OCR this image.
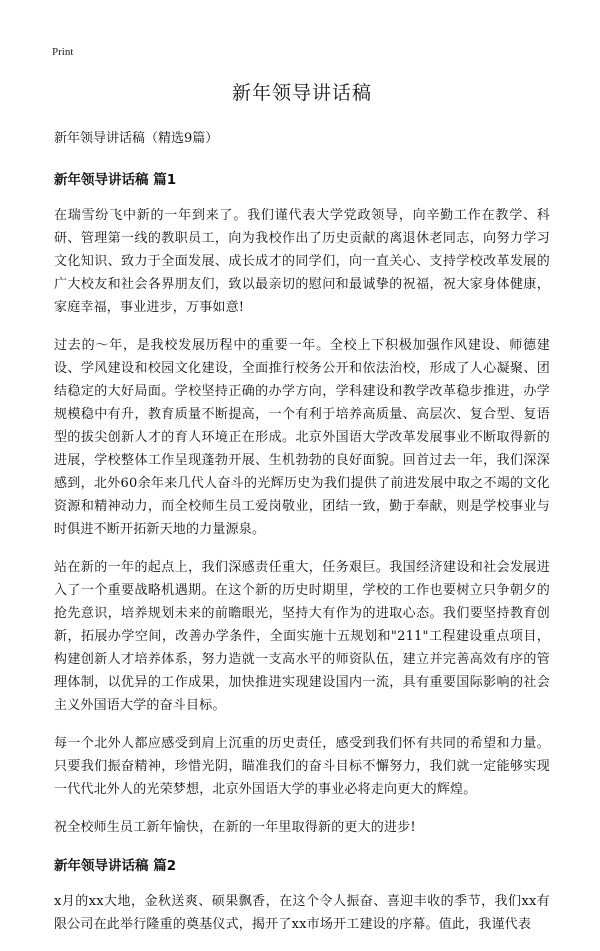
Print
新年领导讲话稿
新年领导讲话稿（精选9篇）
新年领导讲话稿 篇1

在瑞雪纷飞中新的一年到来了。我们谨代表大学党政领导，向辛勤工作在教学、科研、管理第一线的教职员工，向为我校作出了历史贡献的离退休老同志，向努力学习文化知识、致力于全面发展、成长成才的同学们，向一直关心、支持学校改革发展的广大校友和社会各界朋友们，致以最亲切的慰问和最诚挚的祝福，祝大家身体健康，家庭幸福，事业进步，万事如意!

过去的～年，是我校发展历程中的重要一年。全校上下积极加强作风建设、师德建设、学风建设和校园文化建设，全面推行校务公开和依法治校，形成了人心凝聚、团结稳定的大好局面。学校坚持正确的办学方向，学科建设和教学改革稳步推进，办学规模稳中有升，教育质量不断提高，一个有利于培养高质量、高层次、复合型、复语型的拔尖创新人才的育人环境正在形成。北京外国语大学改革发展事业不断取得新的进展，学校整体工作呈现蓬勃开展、生机勃勃的良好面貌。回首过去一年，我们深深感到，北外60余年来几代人奋斗的光辉历史为我们提供了前进发展中取之不竭的文化资源和精神动力，而全校师生员工爱岗敬业，团结一致，勤于奉献，则是学校事业与时俱进不断开拓新天地的力量源泉。

站在新的一年的起点上，我们深感责任重大，任务艰巨。我国经济建设和社会发展进入了一个重要战略机遇期。在这个新的历史时期里，学校的工作也要树立只争朝夕的抢先意识，培养规划未来的前瞻眼光，坚持大有作为的进取心态。我们要坚持教育创新，拓展办学空间，改善办学条件，全面实施十五规划和"211"工程建设重点项目，构建创新人才培养体系，努力造就一支高水平的师资队伍，建立并完善高效有序的管理体制，以优异的工作成果，加快推进实现建设国内一流，具有重要国际影响的社会主义外国语大学的奋斗目标。

每一个北外人都应感受到肩上沉重的历史责任，感受到我们怀有共同的希望和力量。只要我们振奋精神，珍惜光阴，瞄准我们的奋斗目标不懈努力，我们就一定能够实现一代代北外人的光荣梦想，北京外国语大学的事业必将走向更大的辉煌。

祝全校师生员工新年愉快，在新的一年里取得新的更大的进步!

新年领导讲话稿 篇2

x月的xx大地，金秋送爽、硕果飘香，在这个令人振奋、喜迎丰收的季节，我们xx有限公司在此举行隆重的奠基仪式，揭开了xx市场开工建设的序幕。值此，我谨代表
